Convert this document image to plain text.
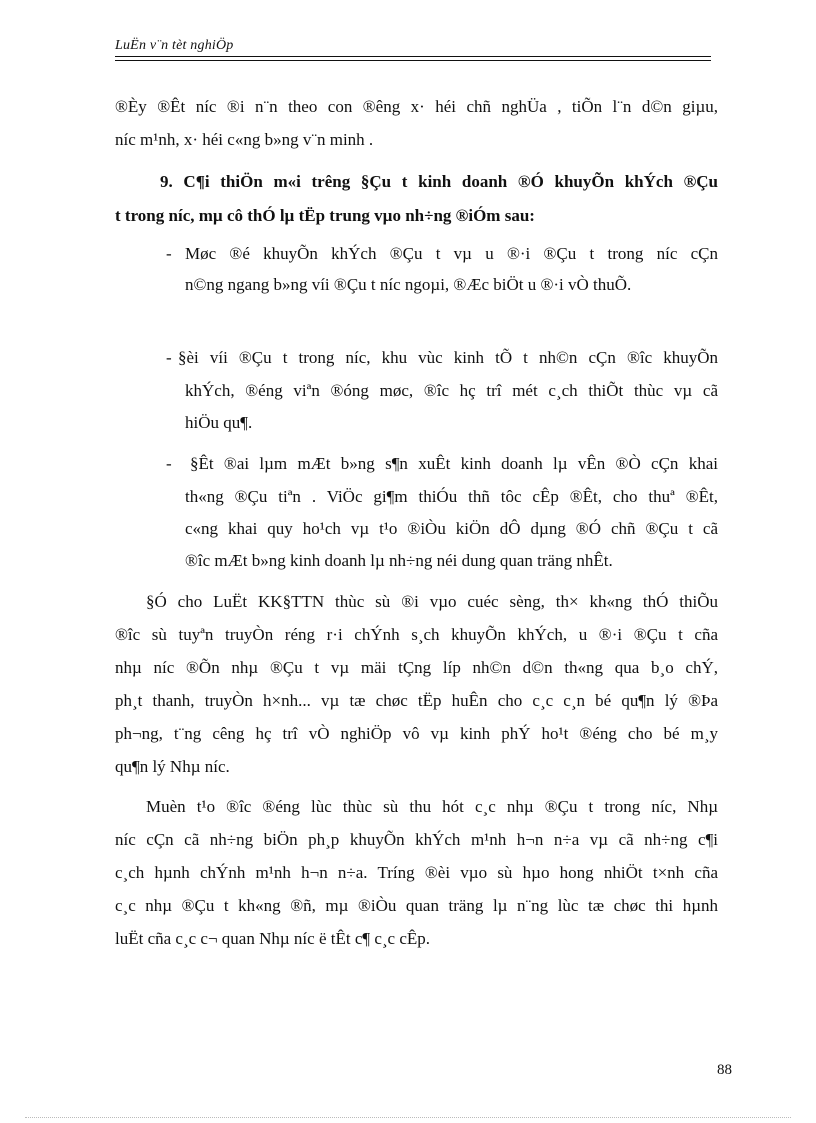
LuËn v¨n tèt nghiÖp
®Èy ®Êt níc ®i n¨n theo con ®êng x· héi chñ nghÜa , tiÕn l¨n d©n giµu,
níc m¹nh, x· héi c«ng b»ng v¨n minh .
9. C¶i thiÖn m«i trêng §Çu t kinh doanh ®Ó khuyÕn khÝch ®Çu
t trong níc, mµ cô thÓ lµ tËp trung vµo nh÷ng ®iÓm sau:
- Møc ®é khuyÕn khÝch ®Çu t vµ u ®·i ®Çu t trong níc cÇn
n©ng ngang b»ng víi ®Çu t níc ngoµi, ®Æc biÖt u ®·i vÒ thuÕ.
- §èi víi ®Çu t trong níc, khu vùc kinh tÕ t nh©n cÇn ®îc khuyÕn
khÝch, ®éng viªn ®óng møc, ®îc hç trî mét c¸ch thiÕt thùc vµ cã
hiÖu qu¶.
- §Êt ®ai lµm mÆt b»ng s¶n xuÊt kinh doanh lµ vÊn ®Ò cÇn khai
th«ng ®Çu tiªn . ViÖc gi¶m thiÓu thñ tôc cÊp ®Êt, cho thuª ®Êt,
c«ng khai quy ho¹ch vµ t¹o ®iÒu kiÖn dÔ dµng ®Ó chñ ®Çu t cã
®îc mÆt b»ng kinh doanh lµ nh÷ng néi dung quan träng nhÊt.
§Ó cho LuËt KK§TTN thùc sù ®i vµo cuéc sèng, th× kh«ng thÓ thiÕu
®îc sù tuyªn truyÒn réng r·i chÝnh s¸ch khuyÕn khÝch, u ®·i ®Çu t cña
nhµ níc ®Õn nhµ ®Çu t vµ mäi tÇng líp nh©n d©n th«ng qua b¸o chÝ,
ph¸t thanh, truyÒn h×nh... vµ tæ chøc tËp huÊn cho c¸c c¸n bé qu¶n lý ®Þa
ph¬ng, t¨ng cêng hç trî vÒ nghiÖp vô vµ kinh phÝ ho¹t ®éng cho bé m¸y
qu¶n lý Nhµ níc.
Muèn t¹o ®îc ®éng lùc thùc sù thu hót c¸c nhµ ®Çu t trong níc, Nhµ
níc cÇn cã nh÷ng biÖn ph¸p khuyÕn khÝch m¹nh h¬n n÷a vµ cã nh÷ng c¶i
c¸ch hµnh chÝnh m¹nh h¬n n÷a. Tríng ®èi vµo sù hµo hong nhiÖt t×nh cña
c¸c nhµ ®Çu t kh«ng ®ñ, mµ ®iÒu quan träng lµ n¨ng lùc tæ chøc thi hµnh
luËt cña c¸c c¬ quan Nhµ níc ë tÊt c¶ c¸c cÊp.
88
